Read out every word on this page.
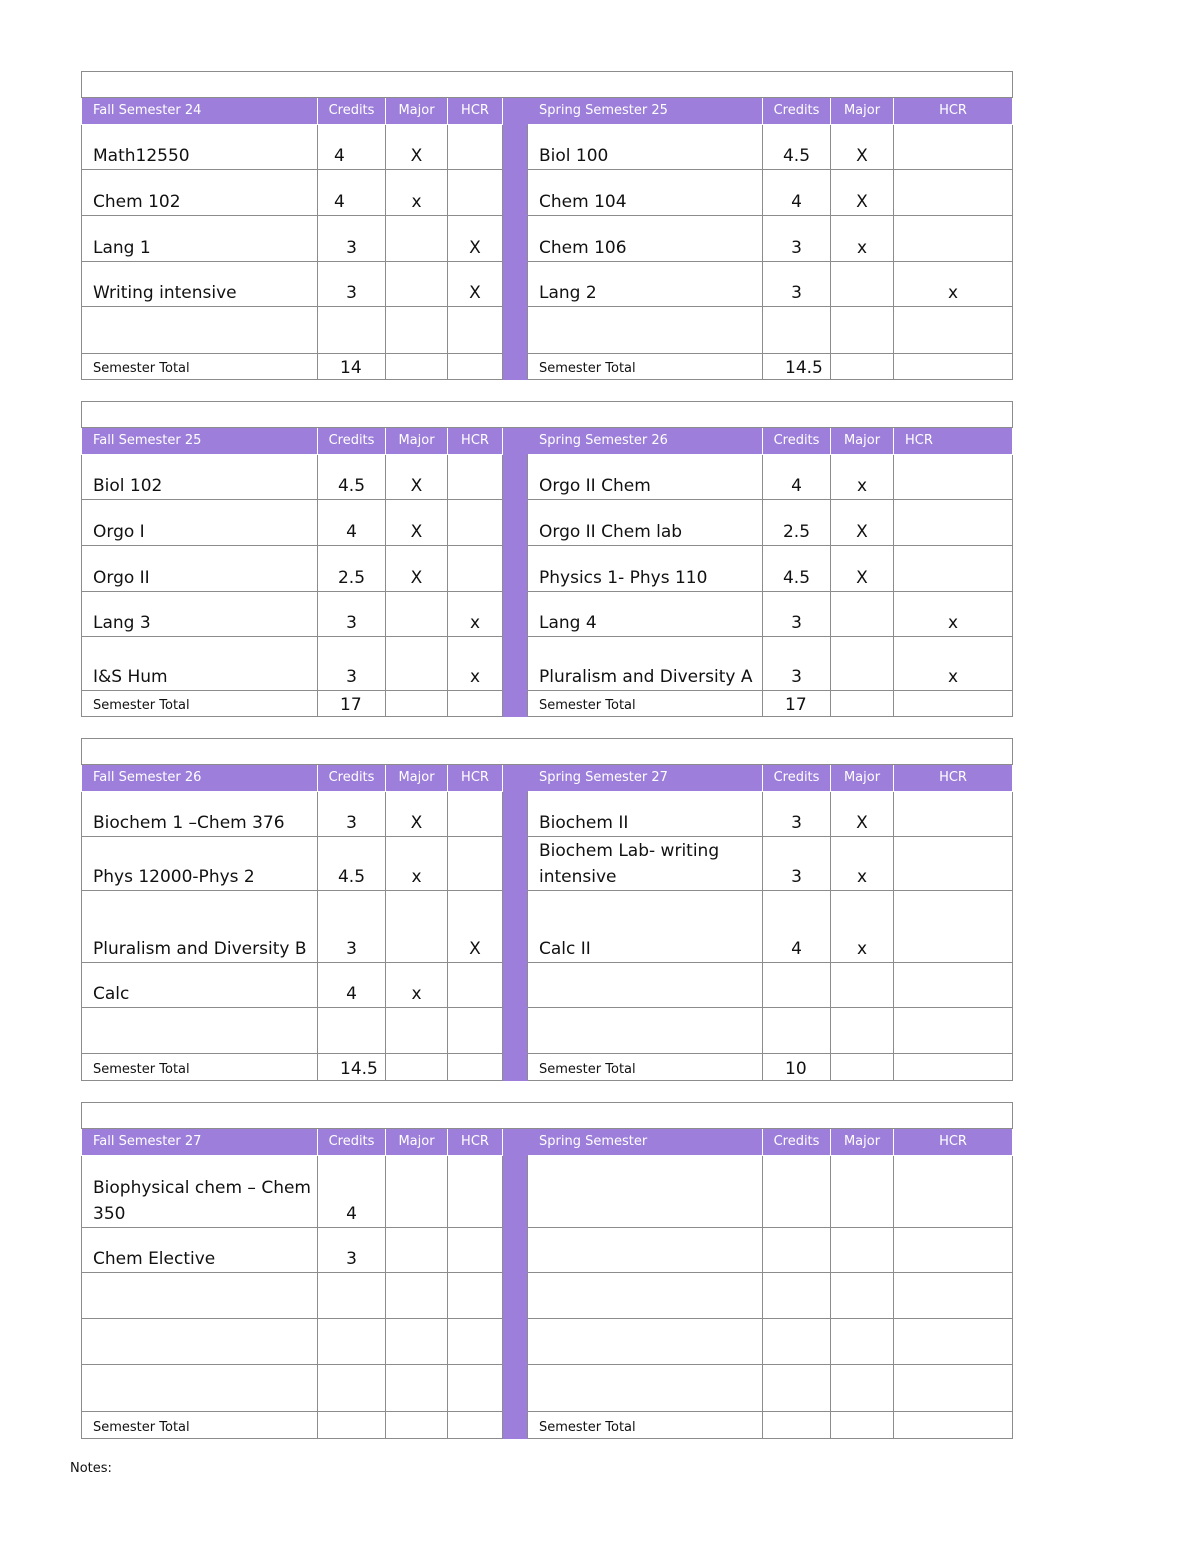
Fall Semester 24	Credits	Major	HCR		Spring Semester 25	Credits	Major	HCR
Math12550	4	X			Biol 100	4.5	X	
Chem 102	4	x			Chem 104	4	X	
Lang 1	3		X		Chem 106	3	x	
Writing intensive	3		X		Lang 2	3		x

Semester Total	14				Semester Total	14.5		

Fall Semester 25	Credits	Major	HCR		Spring Semester 26	Credits	Major	HCR
Biol 102	4.5	X			Orgo II Chem	4	x	
Orgo I	4	X			Orgo II Chem lab	2.5	X	
Orgo II	2.5	X			Physics 1- Phys 110	4.5	X	
Lang 3	3		x		Lang 4	3		x
I&S Hum	3		x		Pluralism and Diversity A	3		x
Semester Total	17				Semester Total	17		

Fall Semester 26	Credits	Major	HCR		Spring Semester 27	Credits	Major	HCR
Biochem 1 –Chem 376	3	X			Biochem II	3	X	
Phys 12000-Phys 2	4.5	x			Biochem Lab- writing intensive	3	x	
Pluralism and Diversity B	3		X		Calc II	4	x	
Calc	4	x						

Semester Total	14.5				Semester Total	10		

Fall Semester 27	Credits	Major	HCR		Spring Semester	Credits	Major	HCR
Biophysical chem – Chem 350	4							
Chem Elective	3							

Semester Total					Semester Total			
Notes:
